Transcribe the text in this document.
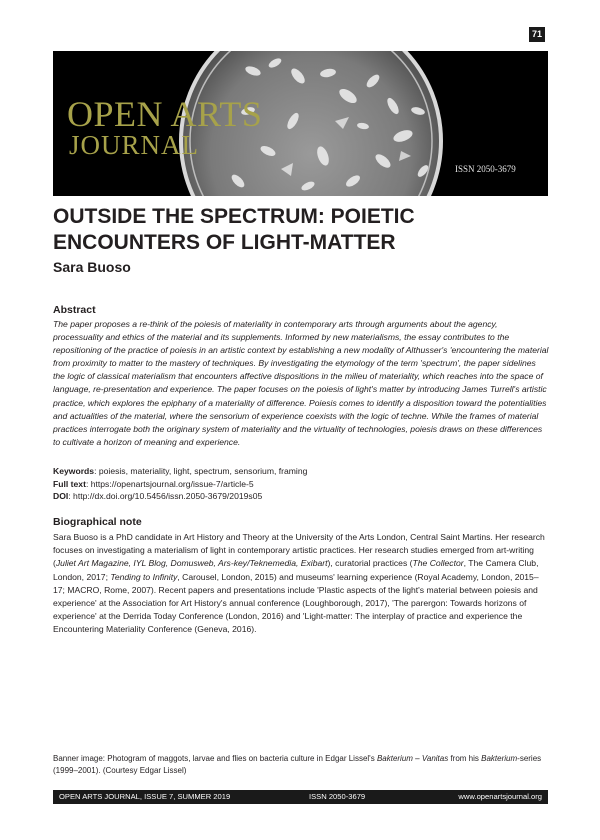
71
OPEN ARTS
JOURNAL
ISSN 2050-3679
OUTSIDE THE SPECTRUM: POIETIC ENCOUNTERS OF LIGHT-MATTER
Sara Buoso
Abstract

The paper proposes a re-think of the poiesis of materiality in contemporary arts through arguments about the agency, processuality and ethics of the material and its supplements. Informed by new materialisms, the essay contributes to the repositioning of the practice of poiesis in an artistic context by establishing a new modality of Althusser's 'encountering the material from proximity to matter to the mastery of techniques. By investigating the etymology of the term 'spectrum', the paper sidelines the logic of classical materialism that encounters affective dispositions in the milieu of materiality, which reaches into the space of language, re-presentation and experience. The paper focuses on the poiesis of light's matter by introducing James Turrell's artistic practice, which explores the epiphany of a materiality of difference. Poiesis comes to identify a disposition toward the potentialities and actualities of the material, where the sensorium of experience coexists with the logic of techne. While the frames of material practices interrogate both the originary system of materiality and the virtuality of technologies, poiesis draws on these differences to cultivate a horizon of meaning and experience.

Keywords: poiesis, materiality, light, spectrum, sensorium, framing
Full text: https://openartsjournal.org/issue-7/article-5
DOI: http://dx.doi.org/10.5456/issn.2050-3679/2019s05
Biographical note

Sara Buoso is a PhD candidate in Art History and Theory at the University of the Arts London, Central Saint Martins. Her research focuses on investigating a materialism of light in contemporary artistic practices. Her research studies emerged from art-writing (Juliet Art Magazine, IYL Blog, Domusweb, Ars-key/Teknemedia, Exibart), curatorial practices (The Collector, The Camera Club, London, 2017; Tending to Infinity, Carousel, London, 2015) and museums' learning experience (Royal Academy, London, 2015–17; MACRO, Rome, 2007). Recent papers and presentations include 'Plastic aspects of the light's material between poiesis and experience' at the Association for Art History's annual conference (Loughborough, 2017), 'The parergon: Towards horizons of experience' at the Derrida Today Conference (London, 2016) and 'Light-matter: The interplay of practice and experience the Encountering Materiality Conference (Geneva, 2016).

Banner image: Photogram of maggots, larvae and flies on bacteria culture in Edgar Lissel's Bakterium – Vanitas from his Bakterium-series (1999–2001). (Courtesy Edgar Lissel)

OPEN ARTS JOURNAL, ISSUE 7, SUMMER 2019	ISSN 2050-3679	www.openartsjournal.org
